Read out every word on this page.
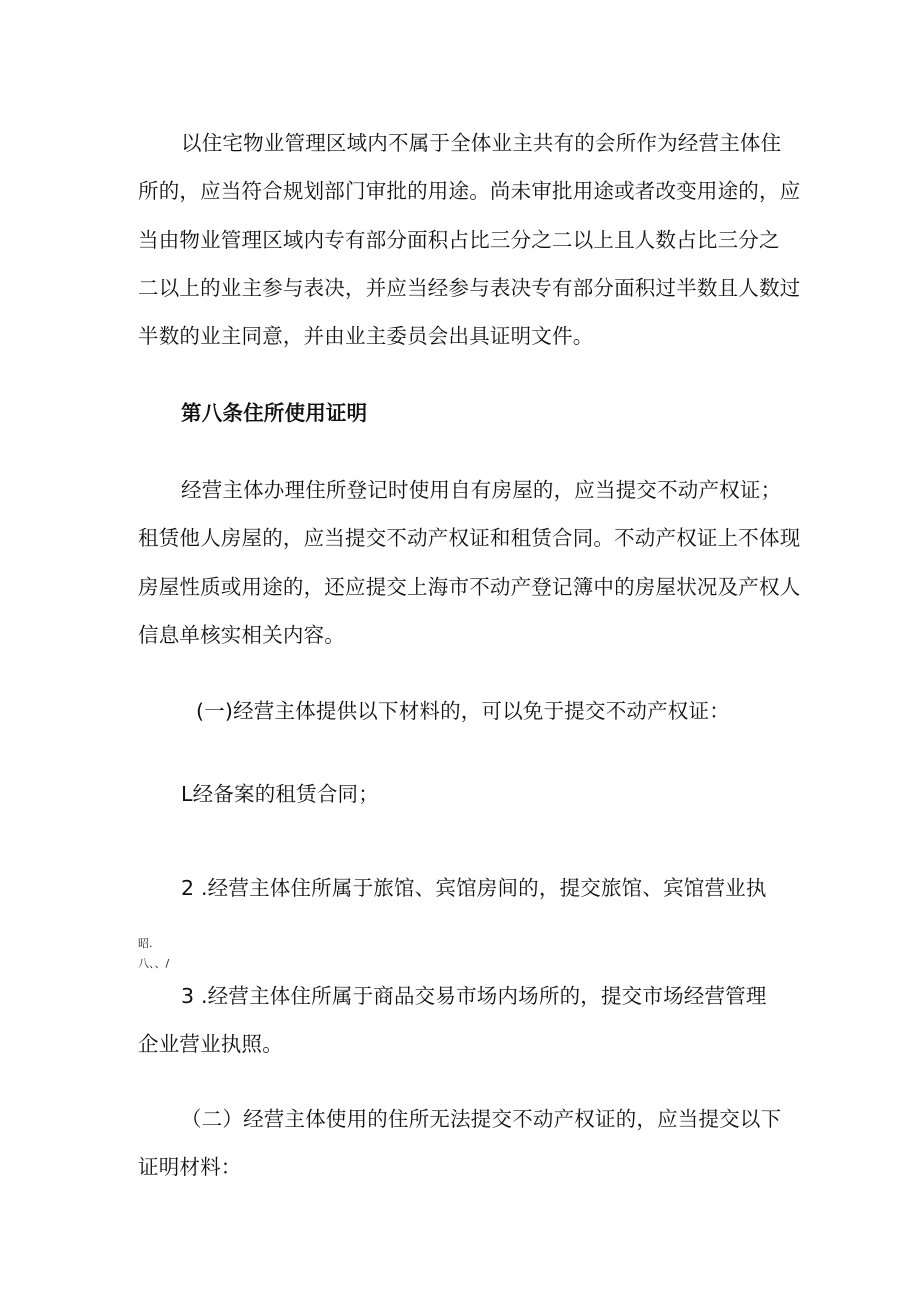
以住宅物业管理区域内不属于全体业主共有的会所作为经营主体住
所的，应当符合规划部门审批的用途。尚未审批用途或者改变用途的，应
当由物业管理区域内专有部分面积占比三分之二以上且人数占比三分之
二以上的业主参与表决，并应当经参与表决专有部分面积过半数且人数过
半数的业主同意，并由业主委员会出具证明文件。
第八条住所使用证明
经营主体办理住所登记时使用自有房屋的，应当提交不动产权证；
租赁他人房屋的，应当提交不动产权证和租赁合同。不动产权证上不体现
房屋性质或用途的，还应提交上海市不动产登记簿中的房屋状况及产权人
信息单核实相关内容。
(一)经营主体提供以下材料的，可以免于提交不动产权证：
L经备案的租赁合同；
2 .经营主体住所属于旅馆、宾馆房间的，提交旅馆、宾馆营业执
昭.
八、、/
3 .经营主体住所属于商品交易市场内场所的，提交市场经营管理
企业营业执照。
（二）经营主体使用的住所无法提交不动产权证的，应当提交以下
证明材料：
